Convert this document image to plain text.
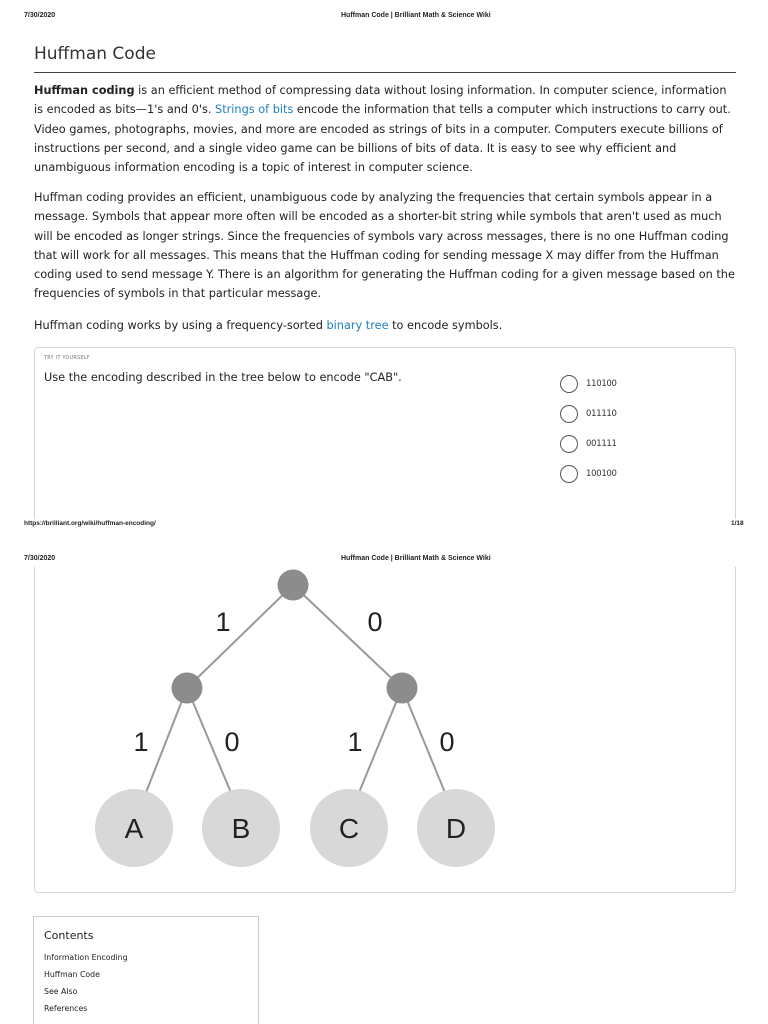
7/30/2020	Huffman Code | Brilliant Math & Science Wiki
Huffman Code

Huffman coding is an efficient method of compressing data without losing information. In computer science, information is encoded as bits—1's and 0's. Strings of bits encode the information that tells a computer which instructions to carry out. Video games, photographs, movies, and more are encoded as strings of bits in a computer. Computers execute billions of instructions per second, and a single video game can be billions of bits of data. It is easy to see why efficient and unambiguous information encoding is a topic of interest in computer science.

Huffman coding provides an efficient, unambiguous code by analyzing the frequencies that certain symbols appear in a message. Symbols that appear more often will be encoded as a shorter-bit string while symbols that aren't used as much will be encoded as longer strings. Since the frequencies of symbols vary across messages, there is no one Huffman coding that will work for all messages. This means that the Huffman coding for sending message X may differ from the Huffman coding used to send message Y. There is an algorithm for generating the Huffman coding for a given message based on the frequencies of symbols in that particular message.

Huffman coding works by using a frequency-sorted binary tree to encode symbols.

TRY IT YOURSELF
Use the encoding described in the tree below to encode "CAB".	110100
011110
001111
100100
https://brilliant.org/wiki/huffman-encoding/	1/18
7/30/2020	Huffman Code | Brilliant Math & Science Wiki
1	0
1	0	1	0
A	B	C	D
Contents
Information Encoding
Huffman Code
See Also
References
